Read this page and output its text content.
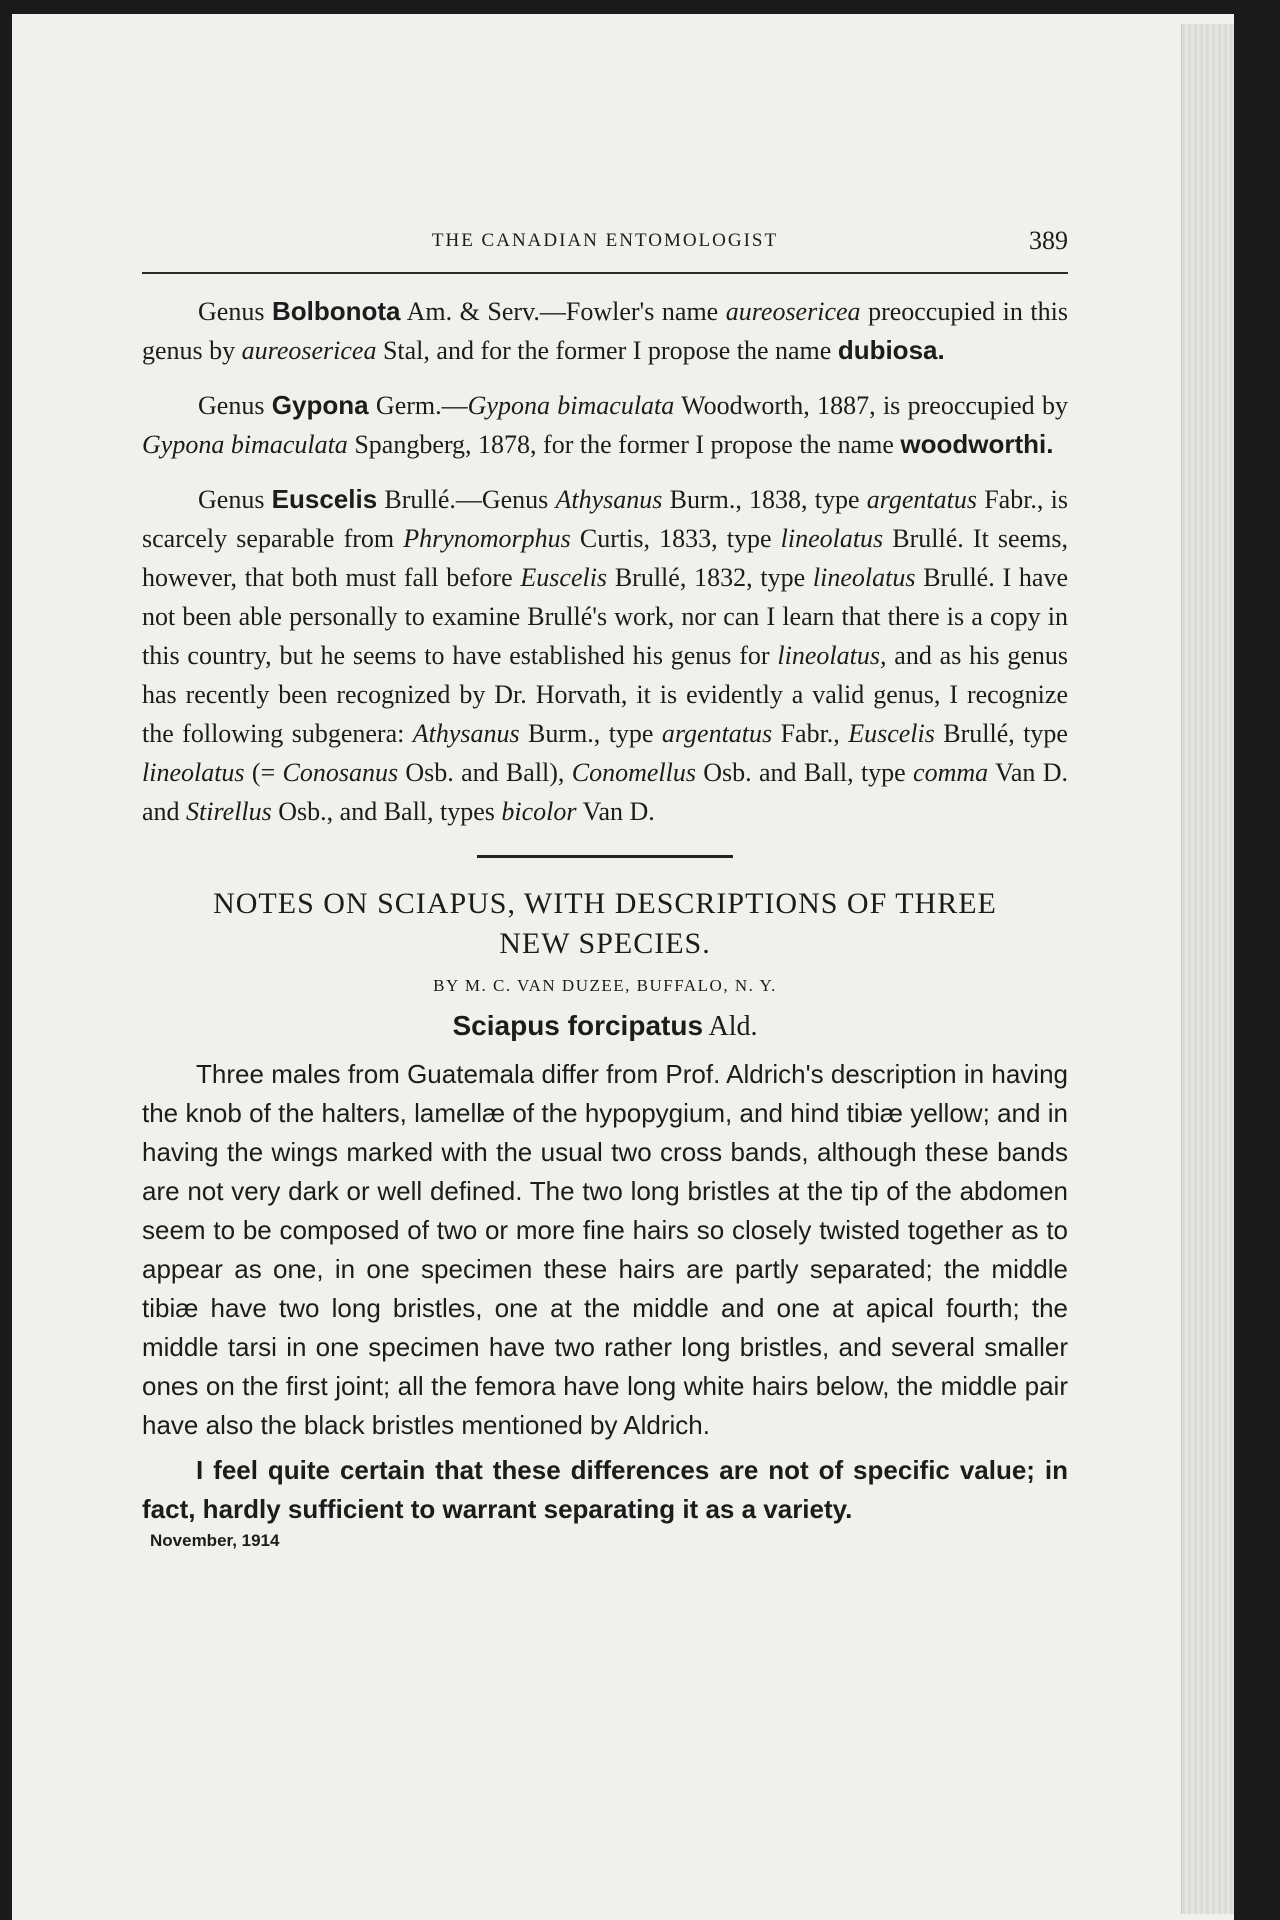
THE CANADIAN ENTOMOLOGIST	389

Genus Bolbonota Am. & Serv.—Fowler's name aureosericea preoccupied in this genus by aureosericea Stal, and for the former I propose the name dubiosa.

Genus Gypona Germ.—Gypona bimaculata Woodworth, 1887, is preoccupied by Gypona bimaculata Spangberg, 1878, for the former I propose the name woodworthi.

Genus Euscelis Brullé.—Genus Athysanus Burm., 1838, type argentatus Fabr., is scarcely separable from Phrynomorphus Curtis, 1833, type lineolatus Brullé. It seems, however, that both must fall before Euscelis Brullé, 1832, type lineolatus Brullé. I have not been able personally to examine Brullé's work, nor can I learn that there is a copy in this country, but he seems to have established his genus for lineolatus, and as his genus has recently been recognized by Dr. Horvath, it is evidently a valid genus, I recognize the following subgenera: Athysanus Burm., type argentatus Fabr., Euscelis Brullé, type lineolatus (= Conosanus Osb. and Ball), Conomellus Osb. and Ball, type comma Van D. and Stirellus Osb., and Ball, types bicolor Van D.

NOTES ON SCIAPUS, WITH DESCRIPTIONS OF THREE
NEW SPECIES.
BY M. C. VAN DUZEE, BUFFALO, N. Y.
Sciapus forcipatus Ald.

Three males from Guatemala differ from Prof. Aldrich's description in having the knob of the halters, lamellæ of the hypopygium, and hind tibiæ yellow; and in having the wings marked with the usual two cross bands, although these bands are not very dark or well defined. The two long bristles at the tip of the abdomen seem to be composed of two or more fine hairs so closely twisted together as to appear as one, in one specimen these hairs are partly separated; the middle tibiæ have two long bristles, one at the middle and one at apical fourth; the middle tarsi in one specimen have two rather long bristles, and several smaller ones on the first joint; all the femora have long white hairs below, the middle pair have also the black bristles mentioned by Aldrich.

I feel quite certain that these differences are not of specific value; in fact, hardly sufficient to warrant separating it as a variety.

November, 1914
